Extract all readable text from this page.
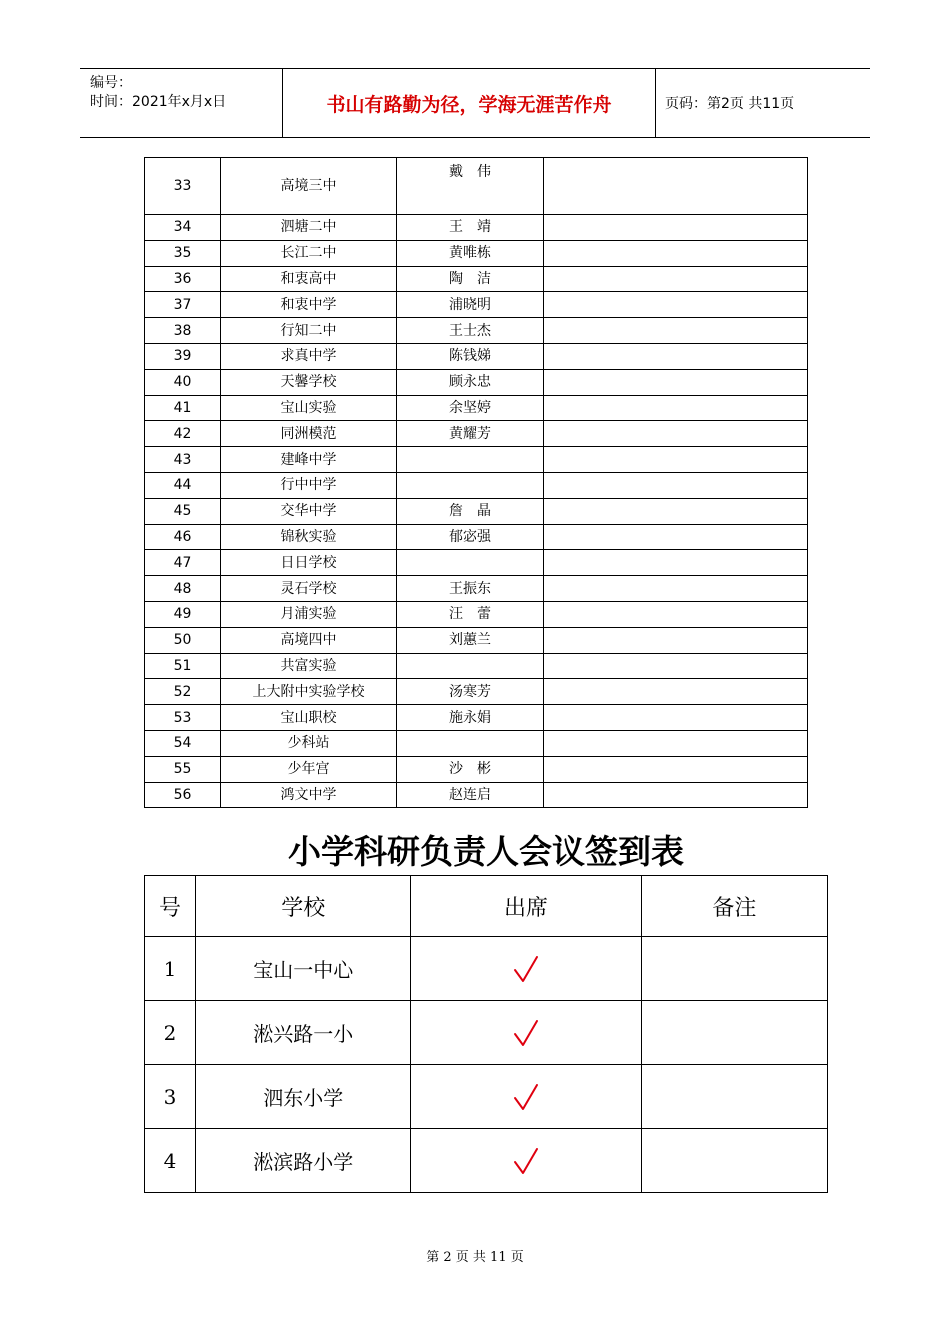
编号：
时间：2021年x月x日	书山有路勤为径，学海无涯苦作舟	页码：第2页 共11页
33	高境三中	戴　伟	
34	泗塘二中	王　靖	
35	长江二中	黄唯栋	
36	和衷高中	陶　洁	
37	和衷中学	浦晓明	
38	行知二中	王士杰	
39	求真中学	陈钱娣	
40	天馨学校	顾永忠	
41	宝山实验	余坚婷	
42	同洲模范	黄耀芳	
43	建峰中学		
44	行中中学		
45	交华中学	詹　晶	
46	锦秋实验	郁宓强	
47	日日学校		
48	灵石学校	王振东	
49	月浦实验	汪　蕾	
50	高境四中	刘蕙兰	
51	共富实验		
52	上大附中实验学校	汤寒芳	
53	宝山职校	施永娟	
54	少科站		
55	少年宫	沙　彬	
56	鸿文中学	赵连启	
小学科研负责人会议签到表
号	学校	出席	备注
1	宝山一中心		
2	淞兴路一小		
3	泗东小学		
4	淞滨路小学		
第 2 页 共 11 页
